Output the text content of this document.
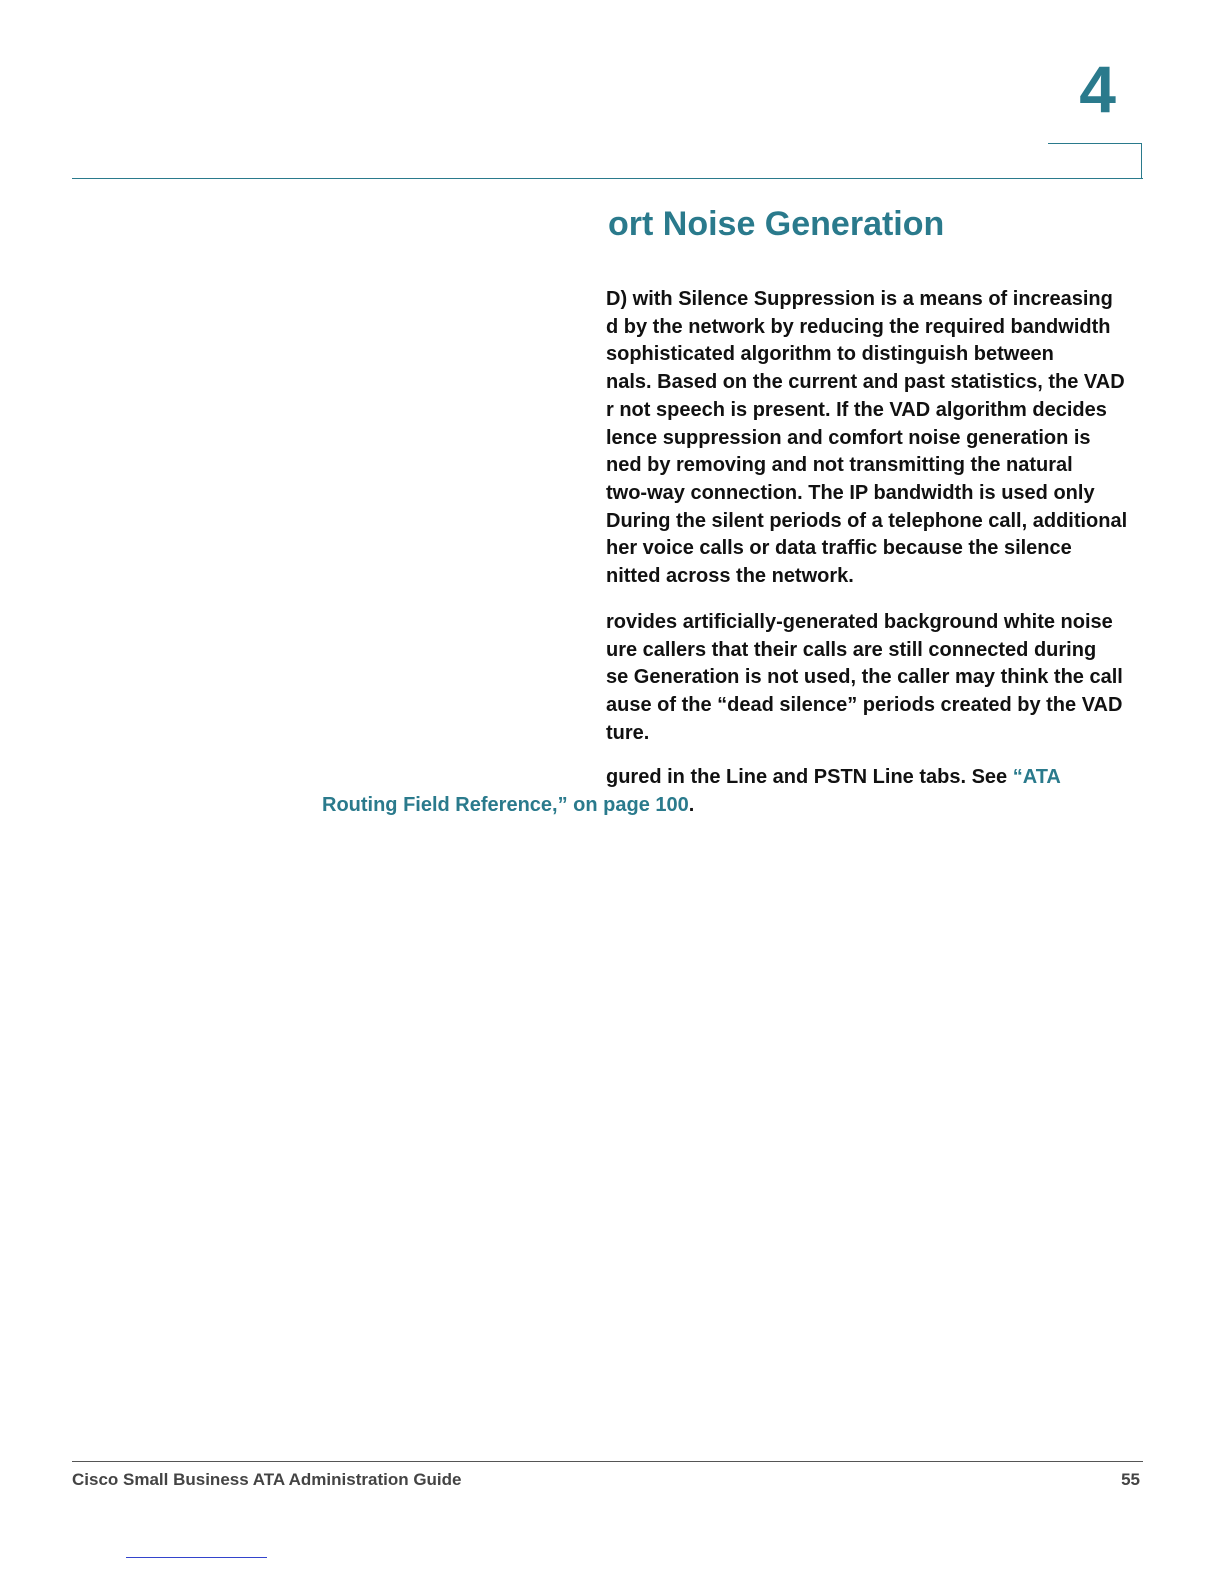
4
ort Noise Generation
D) with Silence Suppression is a means of increasing
d by the network by reducing the required bandwidth
sophisticated algorithm to distinguish between
nals. Based on the current and past statistics, the VAD
r not speech is present. If the VAD algorithm decides
lence suppression and comfort noise generation is
ned by removing and not transmitting the natural
two-way connection. The IP bandwidth is used only
During the silent periods of a telephone call, additional
her voice calls or data traffic because the silence
nitted across the network.
rovides artificially-generated background white noise
ure callers that their calls are still connected during
se Generation is not used, the caller may think the call
ause of the “dead silence” periods created by the VAD
ture.
gured in the Line and PSTN Line tabs. See “ATA
Routing Field Reference,” on page 100.
Cisco Small Business ATA Administration Guide	55
